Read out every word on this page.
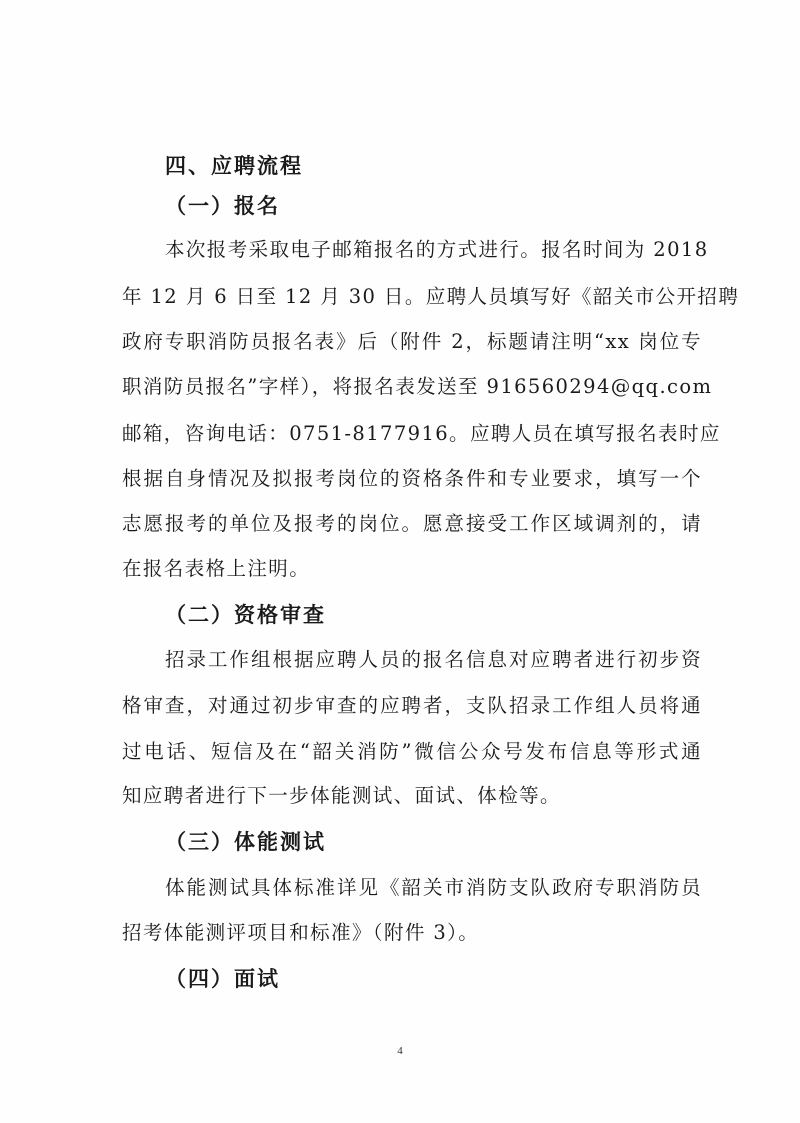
四、应聘流程
（一）报名
本次报考采取电子邮箱报名的方式进行。报名时间为 2018
年 12 月 6 日至 12 月 30 日。应聘人员填写好《韶关市公开招聘
政府专职消防员报名表》后（附件 2，标题请注明“xx 岗位专
职消防员报名”字样），将报名表发送至 916560294@qq.com
邮箱，咨询电话：0751-8177916。应聘人员在填写报名表时应
根据自身情况及拟报考岗位的资格条件和专业要求，填写一个
志愿报考的单位及报考的岗位。愿意接受工作区域调剂的，请
在报名表格上注明。
（二）资格审查
招录工作组根据应聘人员的报名信息对应聘者进行初步资
格审查，对通过初步审查的应聘者，支队招录工作组人员将通
过电话、短信及在“韶关消防”微信公众号发布信息等形式通
知应聘者进行下一步体能测试、面试、体检等。
（三）体能测试
体能测试具体标准详见《韶关市消防支队政府专职消防员
招考体能测评项目和标准》（附件 3）。
（四）面试
4
